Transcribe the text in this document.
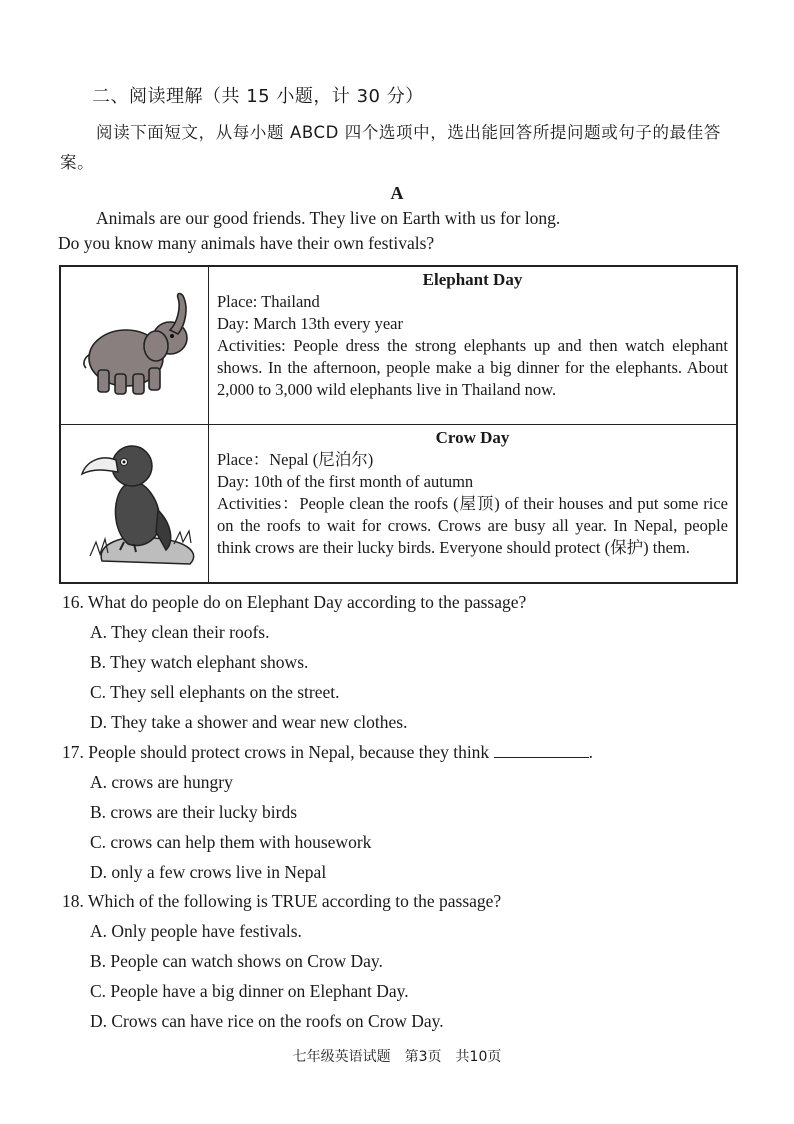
二、阅读理解（共 15 小题，计 30 分）
阅读下面短文，从每小题 ABCD 四个选项中，选出能回答所提问题或句子的最佳答案。
A
Animals are our good friends. They live on Earth with us for long.
Do you know many animals have their own festivals?

Elephant Day
Place: Thailand
Day: March 13th every year
Activities: People dress the strong elephants up and then watch elephant shows. In the afternoon, people make a big dinner for the elephants. About 2,000 to 3,000 wild elephants live in Thailand now.

Crow Day
Place：Nepal (尼泊尔)
Day: 10th of the first month of autumn
Activities：People clean the roofs (屋顶) of their houses and put some rice on the roofs to wait for crows. Crows are busy all year. In Nepal, people think crows are their lucky birds. Everyone should protect (保护) them.
16. What do people do on Elephant Day according to the passage?
A. They clean their roofs.
B. They watch elephant shows.
C. They sell elephants on the street.
D. They take a shower and wear new clothes.
17. People should protect crows in Nepal, because they think	.
A. crows are hungry
B. crows are their lucky birds
C. crows can help them with housework
D. only a few crows live in Nepal
18. Which of the following is TRUE according to the passage?
A. Only people have festivals.
B. People can watch shows on Crow Day.
C. People have a big dinner on Elephant Day.
D. Crows can have rice on the roofs on Crow Day.
七年级英语试题　第3页　共10页
